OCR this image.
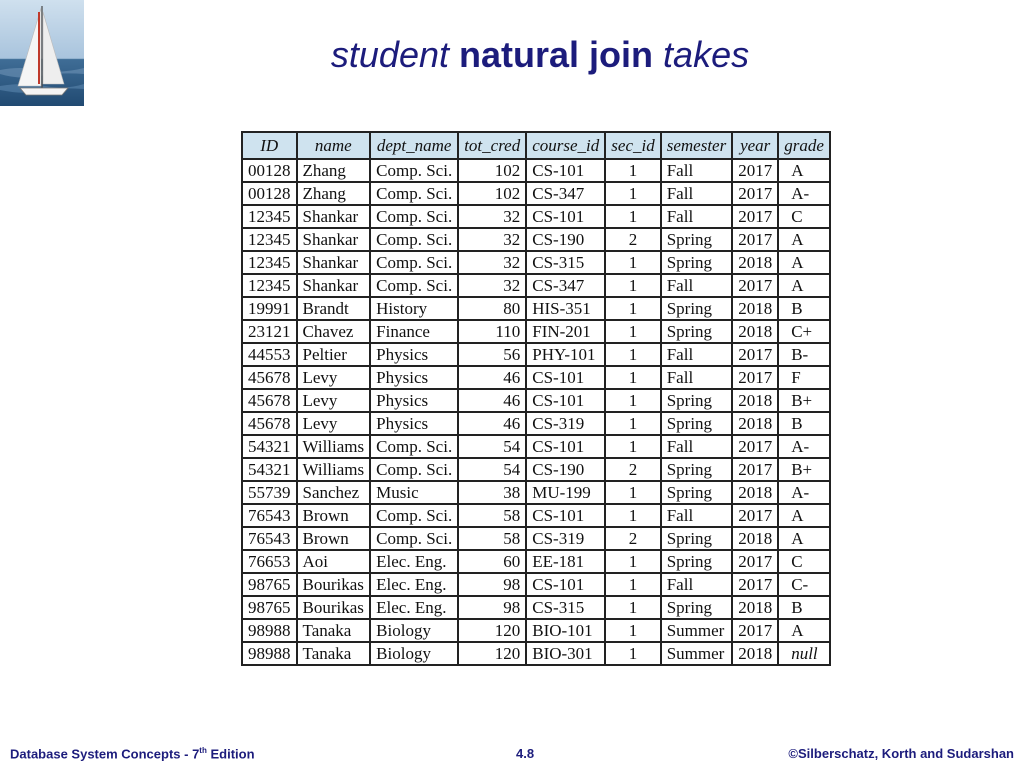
student natural join takes
ID	name	dept_name	tot_cred	course_id	sec_id	semester	year	grade
00128	Zhang	Comp. Sci.	102	CS-101	1	Fall	2017	A
00128	Zhang	Comp. Sci.	102	CS-347	1	Fall	2017	A-
12345	Shankar	Comp. Sci.	32	CS-101	1	Fall	2017	C
12345	Shankar	Comp. Sci.	32	CS-190	2	Spring	2017	A
12345	Shankar	Comp. Sci.	32	CS-315	1	Spring	2018	A
12345	Shankar	Comp. Sci.	32	CS-347	1	Fall	2017	A
19991	Brandt	History	80	HIS-351	1	Spring	2018	B
23121	Chavez	Finance	110	FIN-201	1	Spring	2018	C+
44553	Peltier	Physics	56	PHY-101	1	Fall	2017	B-
45678	Levy	Physics	46	CS-101	1	Fall	2017	F
45678	Levy	Physics	46	CS-101	1	Spring	2018	B+
45678	Levy	Physics	46	CS-319	1	Spring	2018	B
54321	Williams	Comp. Sci.	54	CS-101	1	Fall	2017	A-
54321	Williams	Comp. Sci.	54	CS-190	2	Spring	2017	B+
55739	Sanchez	Music	38	MU-199	1	Spring	2018	A-
76543	Brown	Comp. Sci.	58	CS-101	1	Fall	2017	A
76543	Brown	Comp. Sci.	58	CS-319	2	Spring	2018	A
76653	Aoi	Elec. Eng.	60	EE-181	1	Spring	2017	C
98765	Bourikas	Elec. Eng.	98	CS-101	1	Fall	2017	C-
98765	Bourikas	Elec. Eng.	98	CS-315	1	Spring	2018	B
98988	Tanaka	Biology	120	BIO-101	1	Summer	2017	A
98988	Tanaka	Biology	120	BIO-301	1	Summer	2018	null
Database System Concepts - 7th Edition	4.8	©Silberschatz, Korth and Sudarshan
